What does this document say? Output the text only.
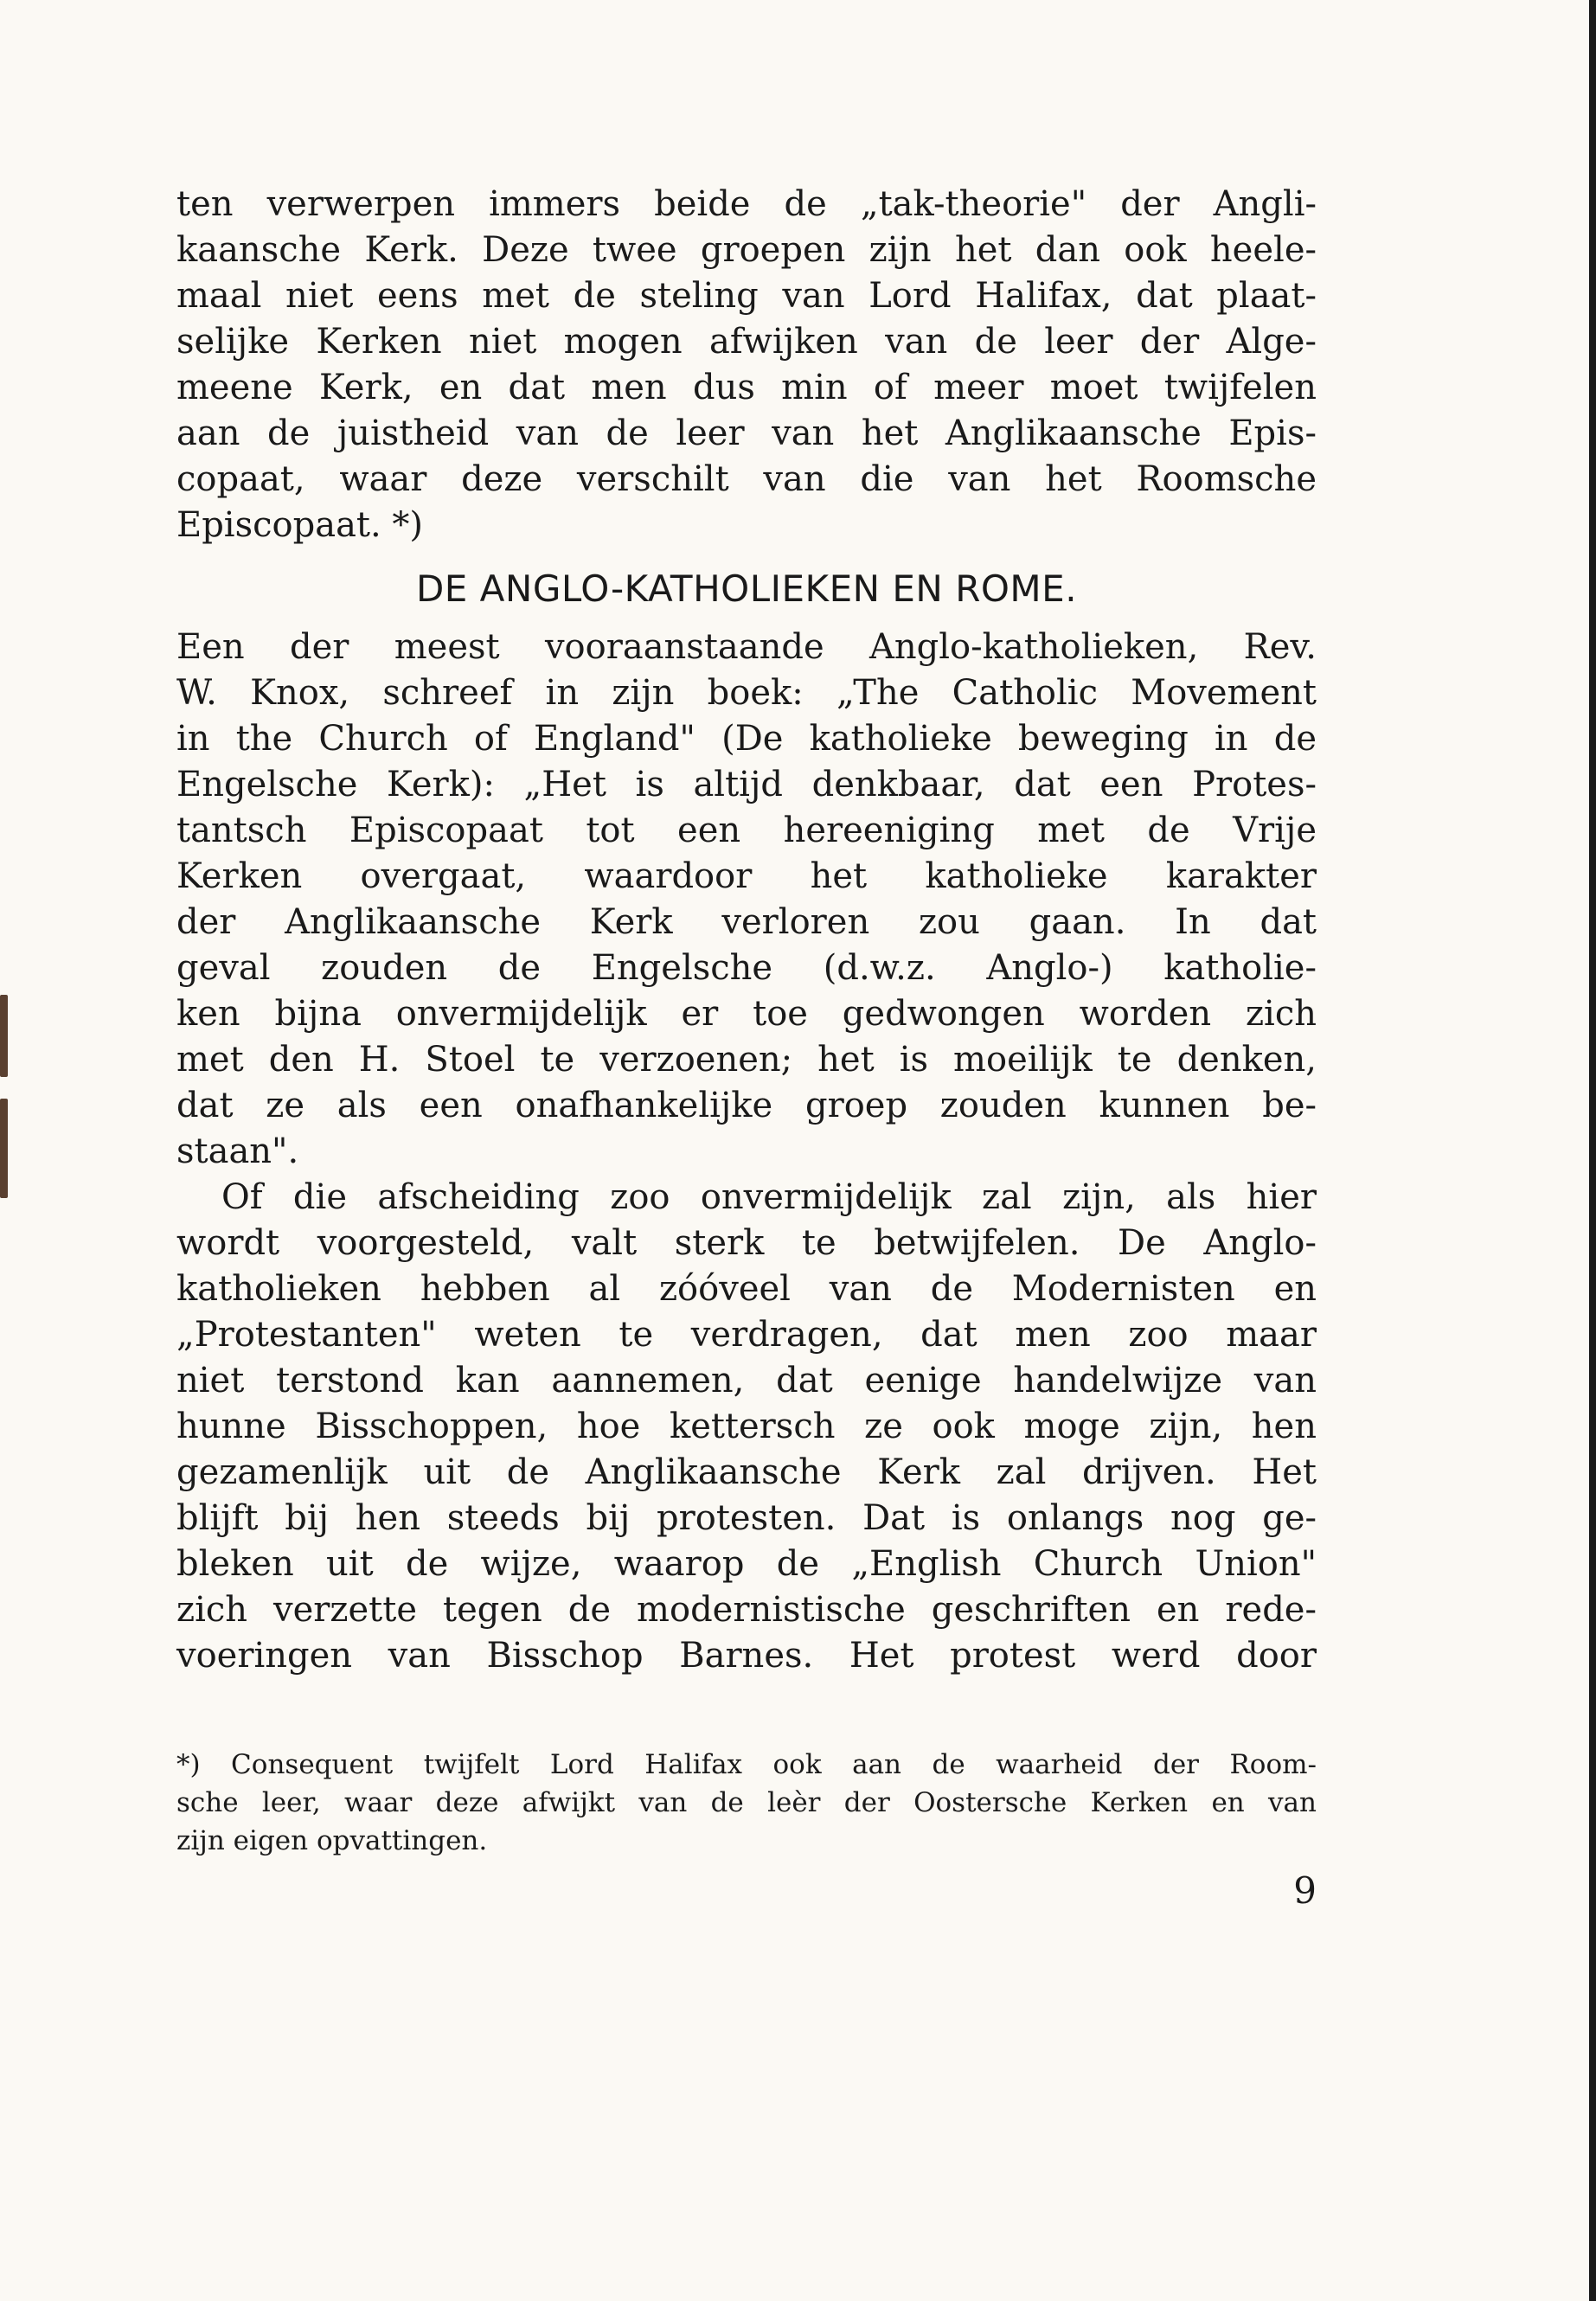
ten verwerpen immers beide de „tak-theorie" der Angli-
kaansche Kerk. Deze twee groepen zijn het dan ook heele-
maal niet eens met de steling van Lord Halifax, dat plaat-
selijke Kerken niet mogen afwijken van de leer der Alge-
meene Kerk, en dat men dus min of meer moet twijfelen
aan de juistheid van de leer van het Anglikaansche Epis-
copaat, waar deze verschilt van die van het Roomsche
Episcopaat. *)
DE ANGLO-KATHOLIEKEN EN ROME.
Een der meest vooraanstaande Anglo-katholieken, Rev.
W. Knox, schreef in zijn boek: „The Catholic Movement
in the Church of England" (De katholieke beweging in de
Engelsche Kerk): „Het is altijd denkbaar, dat een Protes-
tantsch Episcopaat tot een hereeniging met de Vrije
Kerken overgaat, waardoor het katholieke karakter
der Anglikaansche Kerk verloren zou gaan. In dat
geval zouden de Engelsche (d.w.z. Anglo-) katholie-
ken bijna onvermijdelijk er toe gedwongen worden zich
met den H. Stoel te verzoenen; het is moeilijk te denken,
dat ze als een onafhankelijke groep zouden kunnen be-
staan".
Of die afscheiding zoo onvermijdelijk zal zijn, als hier
wordt voorgesteld, valt sterk te betwijfelen. De Anglo-
katholieken hebben al zóóveel van de Modernisten en
„Protestanten" weten te verdragen, dat men zoo maar
niet terstond kan aannemen, dat eenige handelwijze van
hunne Bisschoppen, hoe kettersch ze ook moge zijn, hen
gezamenlijk uit de Anglikaansche Kerk zal drijven. Het
blijft bij hen steeds bij protesten. Dat is onlangs nog ge-
bleken uit de wijze, waarop de „English Church Union"
zich verzette tegen de modernistische geschriften en rede-
voeringen van Bisschop Barnes. Het protest werd door
*) Consequent twijfelt Lord Halifax ook aan de waarheid der Room-
sche leer, waar deze afwijkt van de leèr der Oostersche Kerken en van
zijn eigen opvattingen.
9
